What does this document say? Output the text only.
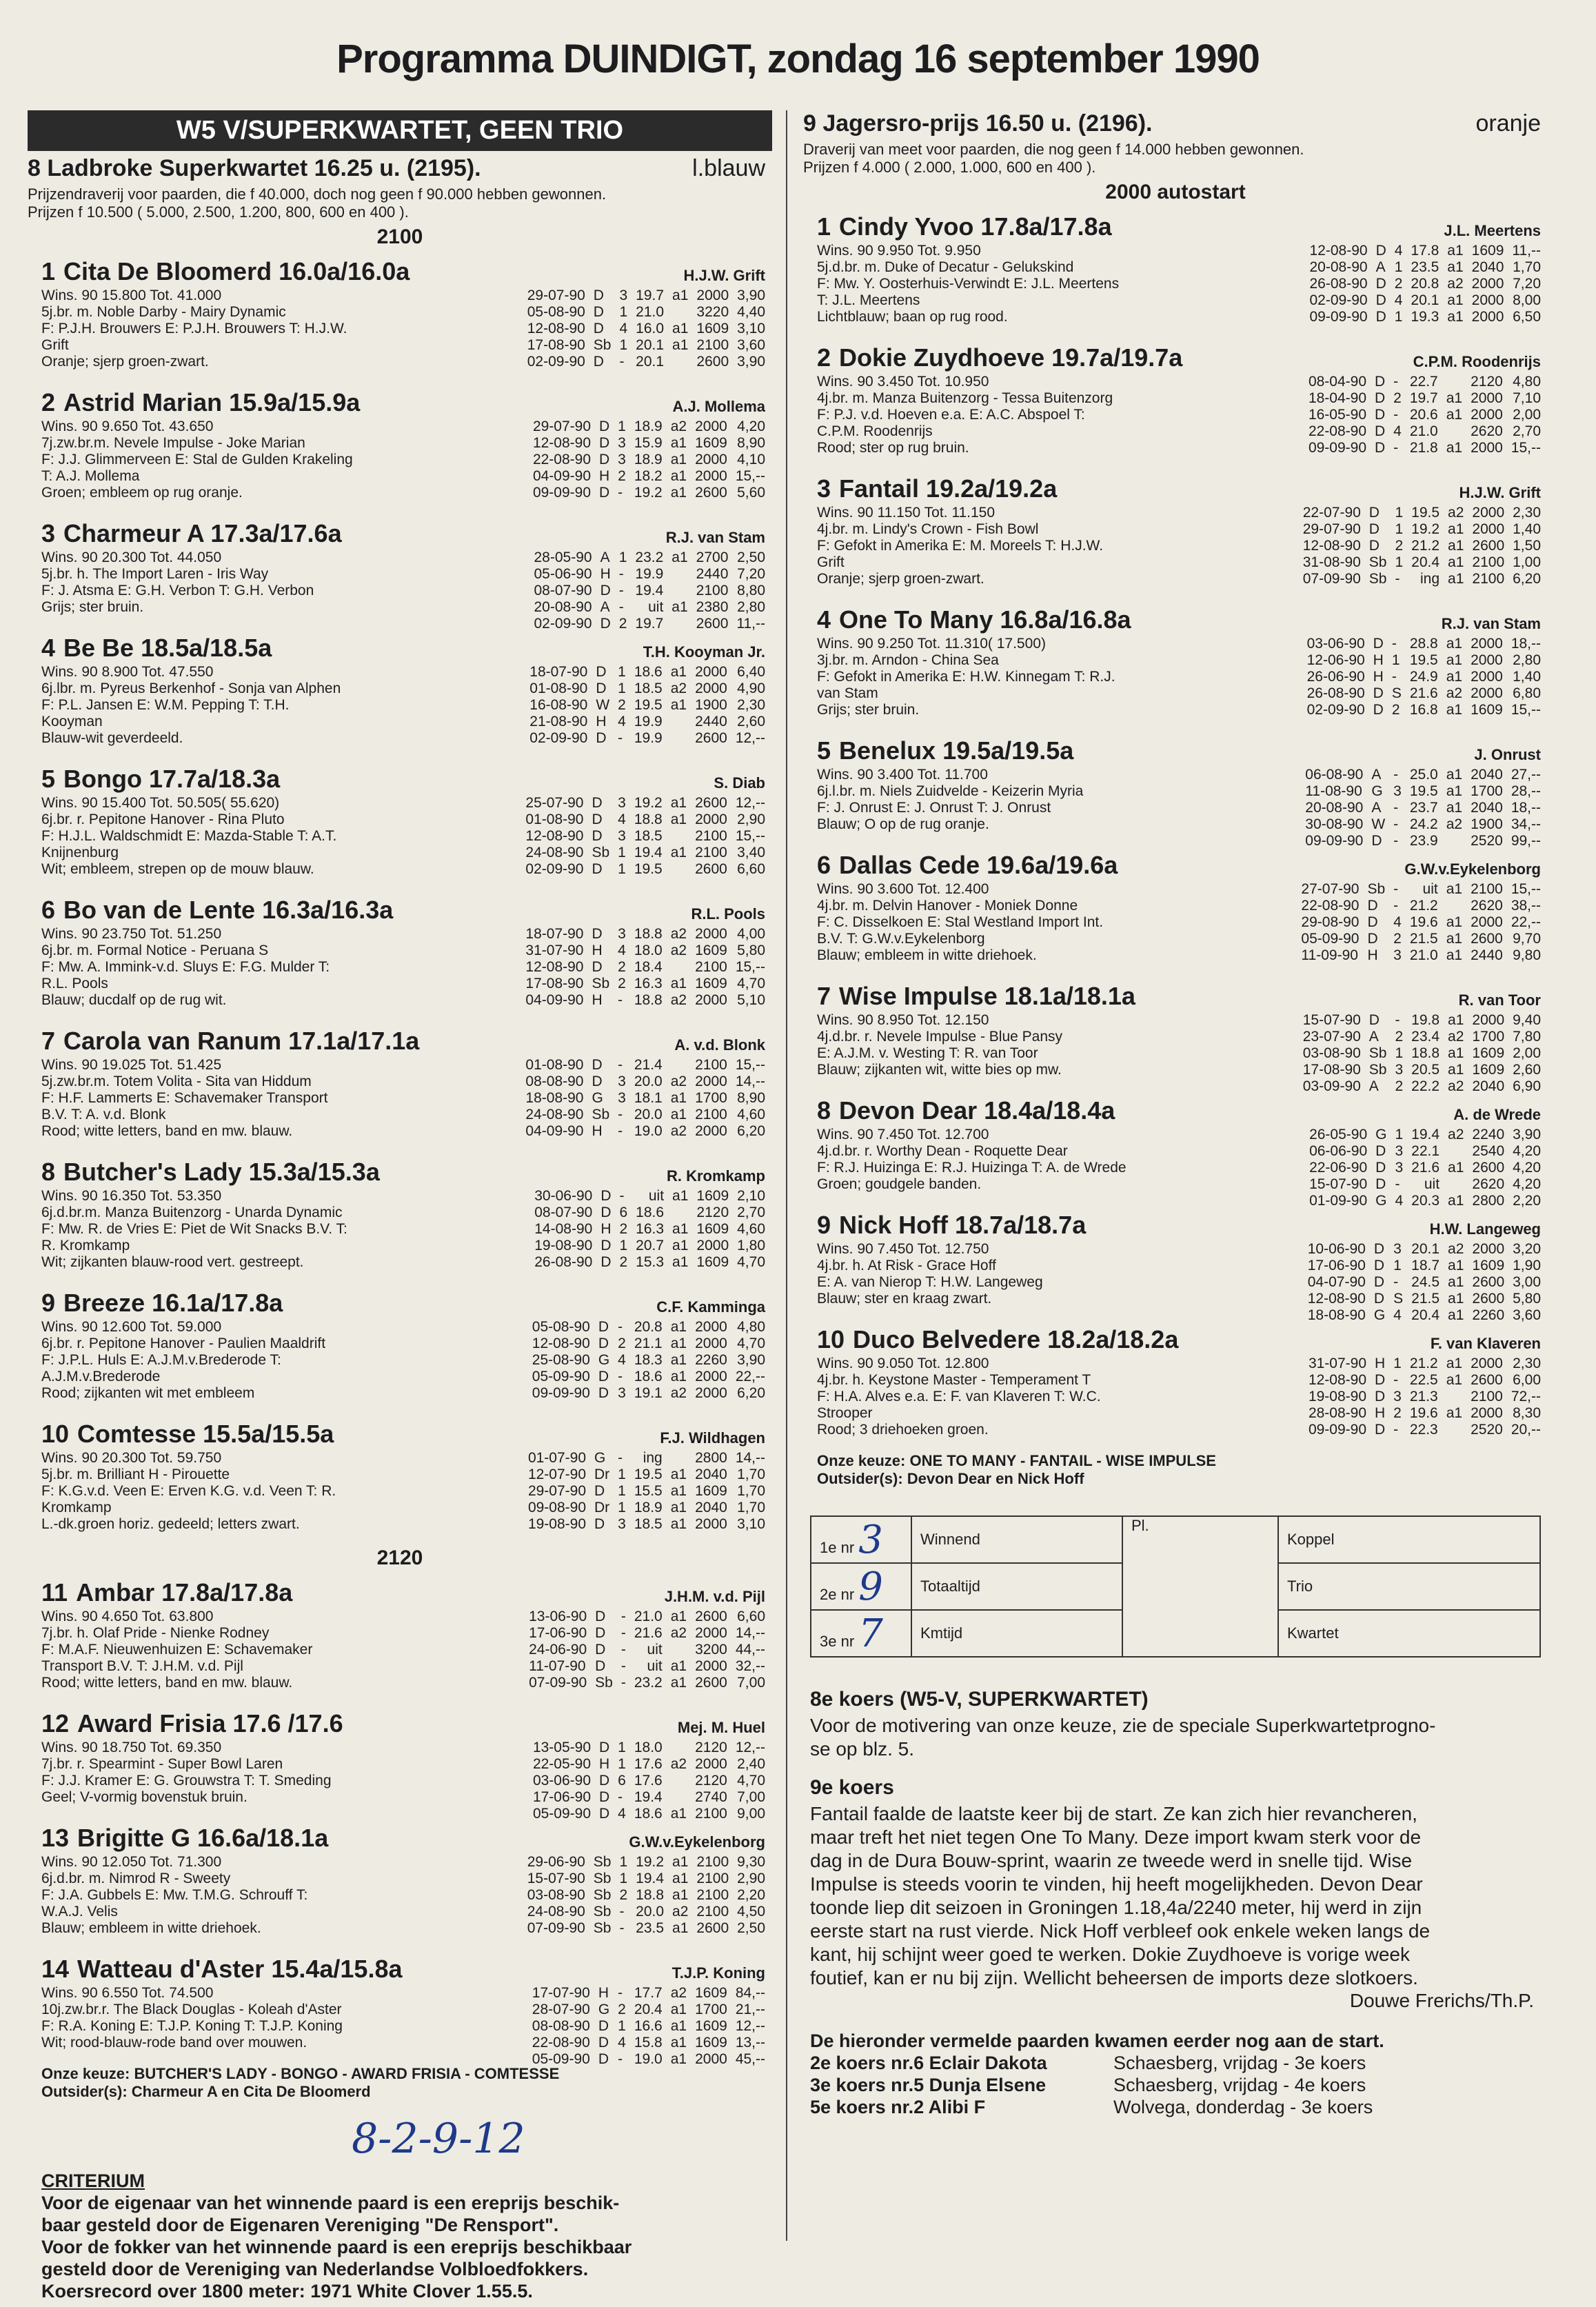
Programma DUINDIGT, zondag 16 september 1990
W5 V/SUPERKWARTET, GEEN TRIO
8 Ladbroke Superkwartet 16.25 u. (2195).	l.blauw
Prijzendraverij voor paarden, die f 40.000, doch nog geen f 90.000 hebben gewonnen.
Prijzen f 10.500 ( 5.000, 2.500, 1.200, 800, 600 en 400 ).
2100
1 Cita De Bloomerd 16.0a/16.0a	H.J.W. Grift
Wins. 90 15.800 Tot. 41.000
5j.br. m. Noble Darby - Mairy Dynamic
F: P.J.H. Brouwers E: P.J.H. Brouwers T: H.J.W.
Grift
Oranje; sjerp groen-zwart.
29-07-90	D	3	19.7	a1	2000	3,90
05-08-90	D	1	21.0		3220	4,40
12-08-90	D	4	16.0	a1	1609	3,10
17-08-90	Sb	1	20.1	a1	2100	3,60
02-09-90	D	-	20.1		2600	3,90
2 Astrid Marian 15.9a/15.9a	A.J. Mollema
Wins. 90 9.650 Tot. 43.650
7j.zw.br.m. Nevele Impulse - Joke Marian
F: J.J. Glimmerveen E: Stal de Gulden Krakeling
T: A.J. Mollema
Groen; embleem op rug oranje.
29-07-90	D	1	18.9	a2	2000	4,20
12-08-90	D	3	15.9	a1	1609	8,90
22-08-90	D	3	18.9	a1	2000	4,10
04-09-90	H	2	18.2	a1	2000	15,--
09-09-90	D	-	19.2	a1	2600	5,60
3 Charmeur A 17.3a/17.6a	R.J. van Stam
Wins. 90 20.300 Tot. 44.050
5j.br. h. The Import Laren - Iris Way
F: J. Atsma E: G.H. Verbon T: G.H. Verbon
Grijs; ster bruin.
28-05-90	A	1	23.2	a1	2700	2,50
05-06-90	H	-	19.9		2440	7,20
08-07-90	D	-	19.4		2100	8,80
20-08-90	A	-	uit	a1	2380	2,80
02-09-90	D	2	19.7		2600	11,--
4 Be Be 18.5a/18.5a	T.H. Kooyman Jr.
Wins. 90 8.900 Tot. 47.550
6j.lbr. m. Pyreus Berkenhof - Sonja van Alphen
F: P.L. Jansen E: W.M. Pepping T: T.H.
Kooyman
Blauw-wit geverdeeld.
18-07-90	D	1	18.6	a1	2000	6,40
01-08-90	D	1	18.5	a2	2000	4,90
16-08-90	W	2	19.5	a1	1900	2,30
21-08-90	H	4	19.9		2440	2,60
02-09-90	D	-	19.9		2600	12,--
5 Bongo 17.7a/18.3a	S. Diab
Wins. 90 15.400 Tot. 50.505( 55.620)
6j.br. r. Pepitone Hanover - Rina Pluto
F: H.J.L. Waldschmidt E: Mazda-Stable T: A.T.
Knijnenburg
Wit; embleem, strepen op de mouw blauw.
25-07-90	D	3	19.2	a1	2600	12,--
01-08-90	D	4	18.8	a1	2000	2,90
12-08-90	D	3	18.5		2100	15,--
24-08-90	Sb	1	19.4	a1	2100	3,40
02-09-90	D	1	19.5		2600	6,60
6 Bo van de Lente 16.3a/16.3a	R.L. Pools
Wins. 90 23.750 Tot. 51.250
6j.br. m. Formal Notice - Peruana S
F: Mw. A. Immink-v.d. Sluys E: F.G. Mulder T:
R.L. Pools
Blauw; ducdalf op de rug wit.
18-07-90	D	3	18.8	a2	2000	4,00
31-07-90	H	4	18.0	a2	1609	5,80
12-08-90	D	2	18.4		2100	15,--
17-08-90	Sb	2	16.3	a1	1609	4,70
04-09-90	H	-	18.8	a2	2000	5,10
7 Carola van Ranum 17.1a/17.1a	A. v.d. Blonk
Wins. 90 19.025 Tot. 51.425
5j.zw.br.m. Totem Volita - Sita van Hiddum
F: H.F. Lammerts E: Schavemaker Transport
B.V. T: A. v.d. Blonk
Rood; witte letters, band en mw. blauw.
01-08-90	D	-	21.4		2100	15,--
08-08-90	D	3	20.0	a2	2000	14,--
18-08-90	G	3	18.1	a1	1700	8,90
24-08-90	Sb	-	20.0	a1	2100	4,60
04-09-90	H	-	19.0	a2	2000	6,20
8 Butcher's Lady 15.3a/15.3a	R. Kromkamp
Wins. 90 16.350 Tot. 53.350
6j.d.br.m. Manza Buitenzorg - Unarda Dynamic
F: Mw. R. de Vries E: Piet de Wit Snacks B.V. T:
R. Kromkamp
Wit; zijkanten blauw-rood vert. gestreept.
30-06-90	D	-	uit	a1	1609	2,10
08-07-90	D	6	18.6		2120	2,70
14-08-90	H	2	16.3	a1	1609	4,60
19-08-90	D	1	20.7	a1	2000	1,80
26-08-90	D	2	15.3	a1	1609	4,70
9 Breeze 16.1a/17.8a	C.F. Kamminga
Wins. 90 12.600 Tot. 59.000
6j.br. r. Pepitone Hanover - Paulien Maaldrift
F: J.P.L. Huls E: A.J.M.v.Brederode T:
A.J.M.v.Brederode
Rood; zijkanten wit met embleem
05-08-90	D	-	20.8	a1	2000	4,80
12-08-90	D	2	21.1	a1	2000	4,70
25-08-90	G	4	18.3	a1	2260	3,90
05-09-90	D	-	18.6	a1	2000	22,--
09-09-90	D	3	19.1	a2	2000	6,20
10 Comtesse 15.5a/15.5a	F.J. Wildhagen
Wins. 90 20.300 Tot. 59.750
5j.br. m. Brilliant H - Pirouette
F: K.G.v.d. Veen E: Erven K.G. v.d. Veen T: R.
Kromkamp
L.-dk.groen horiz. gedeeld; letters zwart.
01-07-90	G	-	ing		2800	14,--
12-07-90	Dr	1	19.5	a1	2040	1,70
29-07-90	D	1	15.5	a1	1609	1,70
09-08-90	Dr	1	18.9	a1	2040	1,70
19-08-90	D	3	18.5	a1	2000	3,10
2120
11 Ambar 17.8a/17.8a	J.H.M. v.d. Pijl
Wins. 90 4.650 Tot. 63.800
7j.br. h. Olaf Pride - Nienke Rodney
F: M.A.F. Nieuwenhuizen E: Schavemaker
Transport B.V. T: J.H.M. v.d. Pijl
Rood; witte letters, band en mw. blauw.
13-06-90	D	-	21.0	a1	2600	6,60
17-06-90	D	-	21.6	a2	2000	14,--
24-06-90	D	-	uit		3200	44,--
11-07-90	D	-	uit	a1	2000	32,--
07-09-90	Sb	-	23.2	a1	2600	7,00
12 Award Frisia 17.6 /17.6	Mej. M. Huel
Wins. 90 18.750 Tot. 69.350
7j.br. r. Spearmint - Super Bowl Laren
F: J.J. Kramer E: G. Grouwstra T: T. Smeding
Geel; V-vormig bovenstuk bruin.
13-05-90	D	1	18.0		2120	12,--
22-05-90	H	1	17.6	a2	2000	2,40
03-06-90	D	6	17.6		2120	4,70
17-06-90	D	-	19.4		2740	7,00
05-09-90	D	4	18.6	a1	2100	9,00
13 Brigitte G 16.6a/18.1a	G.W.v.Eykelenborg
Wins. 90 12.050 Tot. 71.300
6j.d.br. m. Nimrod R - Sweety
F: J.A. Gubbels E: Mw. T.M.G. Schrouff T:
W.A.J. Velis
Blauw; embleem in witte driehoek.
29-06-90	Sb	1	19.2	a1	2100	9,30
15-07-90	Sb	1	19.4	a1	2100	2,90
03-08-90	Sb	2	18.8	a1	2100	2,20
24-08-90	Sb	-	20.0	a2	2100	4,50
07-09-90	Sb	-	23.5	a1	2600	2,50
14 Watteau d'Aster 15.4a/15.8a	T.J.P. Koning
Wins. 90 6.550 Tot. 74.500
10j.zw.br.r. The Black Douglas - Koleah d'Aster
F: R.A. Koning E: T.J.P. Koning T: T.J.P. Koning
Wit; rood-blauw-rode band over mouwen.
17-07-90	H	-	17.7	a2	1609	84,--
28-07-90	G	2	20.4	a1	1700	21,--
08-08-90	D	1	16.6	a1	1609	12,--
22-08-90	D	4	15.8	a1	1609	13,--
05-09-90	D	-	19.0	a1	2000	45,--
Onze keuze: BUTCHER'S LADY - BONGO - AWARD FRISIA - COMTESSE
Outsider(s): Charmeur A en Cita De Bloomerd
8-2-9-12
CRITERIUM
Voor de eigenaar van het winnende paard is een ereprijs beschik-
baar gesteld door de Eigenaren Vereniging "De Rensport".
Voor de fokker van het winnende paard is een ereprijs beschikbaar
gesteld door de Vereniging van Nederlandse Volbloedfokkers.
Koersrecord over 1800 meter: 1971 White Clover 1.55.5.
9 Jagersro-prijs 16.50 u. (2196).	oranje
Draverij van meet voor paarden, die nog geen f 14.000 hebben gewonnen.
Prijzen f 4.000 ( 2.000, 1.000, 600 en 400 ).
2000 autostart
1 Cindy Yvoo 17.8a/17.8a	J.L. Meertens
Wins. 90 9.950 Tot. 9.950
5j.d.br. m. Duke of Decatur - Gelukskind
F: Mw. Y. Oosterhuis-Verwindt E: J.L. Meertens
T: J.L. Meertens
Lichtblauw; baan op rug rood.
12-08-90	D	4	17.8	a1	1609	11,--
20-08-90	A	1	23.5	a1	2040	1,70
26-08-90	D	2	20.8	a2	2000	7,20
02-09-90	D	4	20.1	a1	2000	8,00
09-09-90	D	1	19.3	a1	2000	6,50
2 Dokie Zuydhoeve 19.7a/19.7a	C.P.M. Roodenrijs
Wins. 90 3.450 Tot. 10.950
4j.br. m. Manza Buitenzorg - Tessa Buitenzorg
F: P.J. v.d. Hoeven e.a. E: A.C. Abspoel T:
C.P.M. Roodenrijs
Rood; ster op rug bruin.
08-04-90	D	-	22.7		2120	4,80
18-04-90	D	2	19.7	a1	2000	7,10
16-05-90	D	-	20.6	a1	2000	2,00
22-08-90	D	4	21.0		2620	2,70
09-09-90	D	-	21.8	a1	2000	15,--
3 Fantail 19.2a/19.2a	H.J.W. Grift
Wins. 90 11.150 Tot. 11.150
4j.br. m. Lindy's Crown - Fish Bowl
F: Gefokt in Amerika E: M. Moreels T: H.J.W.
Grift
Oranje; sjerp groen-zwart.
22-07-90	D	1	19.5	a2	2000	2,30
29-07-90	D	1	19.2	a1	2000	1,40
12-08-90	D	2	21.2	a1	2600	1,50
31-08-90	Sb	1	20.4	a1	2100	1,00
07-09-90	Sb	-	ing	a1	2100	6,20
4 One To Many 16.8a/16.8a	R.J. van Stam
Wins. 90 9.250 Tot. 11.310( 17.500)
3j.br. m. Arndon - China Sea
F: Gefokt in Amerika E: H.W. Kinnegam T: R.J.
van Stam
Grijs; ster bruin.
03-06-90	D	-	28.8	a1	2000	18,--
12-06-90	H	1	19.5	a1	2000	2,80
26-06-90	H	-	24.9	a1	2000	1,40
26-08-90	D	S	21.6	a2	2000	6,80
02-09-90	D	2	16.8	a1	1609	15,--
5 Benelux 19.5a/19.5a	J. Onrust
Wins. 90 3.400 Tot. 11.700
6j.l.br. m. Niels Zuidvelde - Keizerin Myria
F: J. Onrust E: J. Onrust T: J. Onrust
Blauw; O op de rug oranje.
06-08-90	A	-	25.0	a1	2040	27,--
11-08-90	G	3	19.5	a1	1700	28,--
20-08-90	A	-	23.7	a1	2040	18,--
30-08-90	W	-	24.2	a2	1900	34,--
09-09-90	D	-	23.9		2520	99,--
6 Dallas Cede 19.6a/19.6a	G.W.v.Eykelenborg
Wins. 90 3.600 Tot. 12.400
4j.br. m. Delvin Hanover - Moniek Donne
F: C. Disselkoen E: Stal Westland Import Int.
B.V. T: G.W.v.Eykelenborg
Blauw; embleem in witte driehoek.
27-07-90	Sb	-	uit	a1	2100	15,--
22-08-90	D	-	21.2		2620	38,--
29-08-90	D	4	19.6	a1	2000	22,--
05-09-90	D	2	21.5	a1	2600	9,70
11-09-90	H	3	21.0	a1	2440	9,80
7 Wise Impulse 18.1a/18.1a	R. van Toor
Wins. 90 8.950 Tot. 12.150
4j.d.br. r. Nevele Impulse - Blue Pansy
E: A.J.M. v. Westing T: R. van Toor
Blauw; zijkanten wit, witte bies op mw.
15-07-90	D	-	19.8	a1	2000	9,40
23-07-90	A	2	23.4	a2	1700	7,80
03-08-90	Sb	1	18.8	a1	1609	2,00
17-08-90	Sb	3	20.5	a1	1609	2,60
03-09-90	A	2	22.2	a2	2040	6,90
8 Devon Dear 18.4a/18.4a	A. de Wrede
Wins. 90 7.450 Tot. 12.700
4j.d.br. r. Worthy Dean - Roquette Dear
F: R.J. Huizinga E: R.J. Huizinga T: A. de Wrede
Groen; goudgele banden.
26-05-90	G	1	19.4	a2	2240	3,90
06-06-90	D	3	22.1		2540	4,20
22-06-90	D	3	21.6	a1	2600	4,20
15-07-90	D	-	uit		2620	4,20
01-09-90	G	4	20.3	a1	2800	2,20
9 Nick Hoff 18.7a/18.7a	H.W. Langeweg
Wins. 90 7.450 Tot. 12.750
4j.br. h. At Risk - Grace Hoff
E: A. van Nierop T: H.W. Langeweg
Blauw; ster en kraag zwart.
10-06-90	D	3	20.1	a2	2000	3,20
17-06-90	D	1	18.7	a1	1609	1,90
04-07-90	D	-	24.5	a1	2600	3,00
12-08-90	D	S	21.5	a1	2600	5,80
18-08-90	G	4	20.4	a1	2260	3,60
10 Duco Belvedere 18.2a/18.2a	F. van Klaveren
Wins. 90 9.050 Tot. 12.800
4j.br. h. Keystone Master - Temperament T
F: H.A. Alves e.a. E: F. van Klaveren T: W.C.
Strooper
Rood; 3 driehoeken groen.
31-07-90	H	1	21.2	a1	2000	2,30
12-08-90	D	-	22.5	a1	2600	6,00
19-08-90	D	3	21.3		2100	72,--
28-08-90	H	2	19.6	a1	2000	8,30
09-09-90	D	-	22.3		2520	20,--
Onze keuze: ONE TO MANY - FANTAIL - WISE IMPULSE
Outsider(s): Devon Dear en Nick Hoff
1e nr 3	Winnend	Pl.	Koppel
2e nr 9	Totaaltijd		Trio
3e nr 7	Kmtijd		Kwartet
8e koers (W5-V, SUPERKWARTET)
Voor de motivering van onze keuze, zie de speciale Superkwartetprogno-
se op blz. 5.
9e koers
Fantail faalde de laatste keer bij de start. Ze kan zich hier revancheren,
maar treft het niet tegen One To Many. Deze import kwam sterk voor de
dag in de Dura Bouw-sprint, waarin ze tweede werd in snelle tijd. Wise
Impulse is steeds voorin te vinden, hij heeft mogelijkheden. Devon Dear
toonde liep dit seizoen in Groningen 1.18,4a/2240 meter, hij werd in zijn
eerste start na rust vierde. Nick Hoff verbleef ook enkele weken langs de
kant, hij schijnt weer goed te werken. Dokie Zuydhoeve is vorige week
foutief, kan er nu bij zijn. Wellicht beheersen de imports deze slotkoers.
Douwe Frerichs/Th.P.
De hieronder vermelde paarden kwamen eerder nog aan de start.
2e koers nr.6 Eclair Dakota	Schaesberg, vrijdag - 3e koers
3e koers nr.5 Dunja Elsene	Schaesberg, vrijdag - 4e koers
5e koers nr.2 Alibi F	Wolvega, donderdag - 3e koers
